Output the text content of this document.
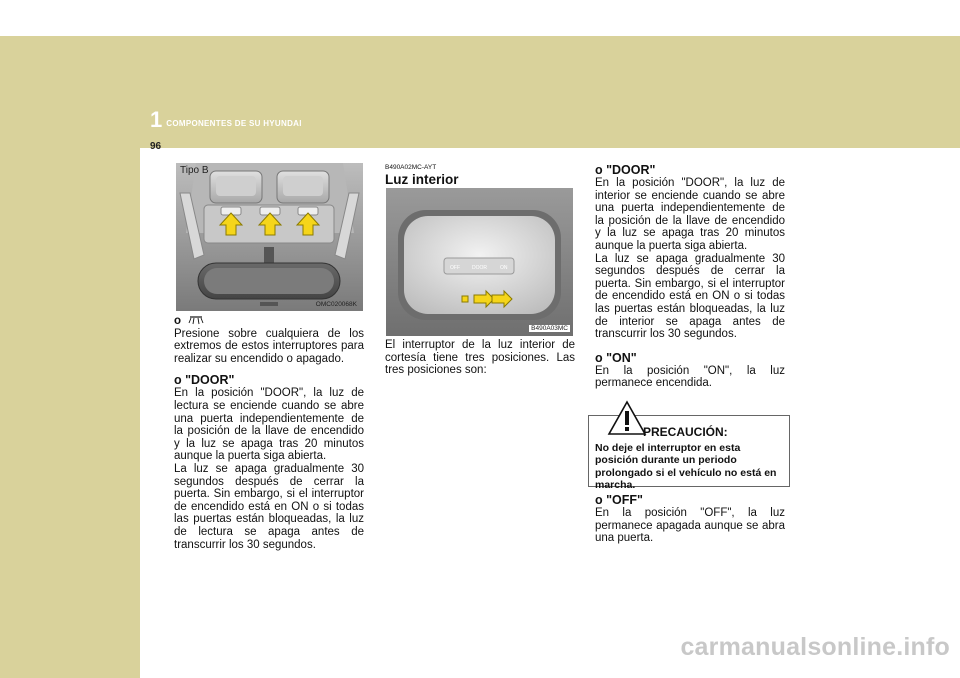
1 COMPONENTES DE SU HYUNDAI
96
Tipo B
OMC020068K

o

Presione sobre cualquiera de los extremos de estos interruptores para realizar su encendido o apagado.

o "DOOR"

En la posición "DOOR", la luz de lectura se enciende cuando se abre una puerta independientemente de la posición de la llave de encendido y la luz se apaga tras 20 minutos aunque la puerta siga abierta.

La luz se apaga gradualmente 30 segundos después de cerrar la puerta. Sin embargo, si el interruptor de encendido está en ON o si todas las puertas están bloqueadas, la luz de lectura se apaga antes de transcurrir los 30 segundos.

B490A02MC-AYT

Luz interior

OFF DOOR	ON
B490A03MC

El interruptor de la luz interior de cortesía tiene tres posiciones. Las tres posiciones son:

o "DOOR"

En la posición "DOOR", la luz de interior se enciende cuando se abre una puerta independientemente de la posición de la llave de encendido y la luz se apaga tras 20 minutos aunque la puerta siga abierta.

La luz se apaga gradualmente 30 segundos después de cerrar la puerta. Sin embargo, si el interruptor de encendido está en ON o si todas las puertas están bloqueadas, la luz de interior se apaga antes de transcurrir los 30 segundos.

o "ON"

En la posición "ON", la luz permanece encendida.

PRECAUCIÓN:
No deje el interruptor en esta posición durante un periodo prolongado si el vehículo no está en marcha.

o "OFF"

En la posición "OFF", la luz permanece apagada aunque se abra una puerta.

carmanualsonline.info
